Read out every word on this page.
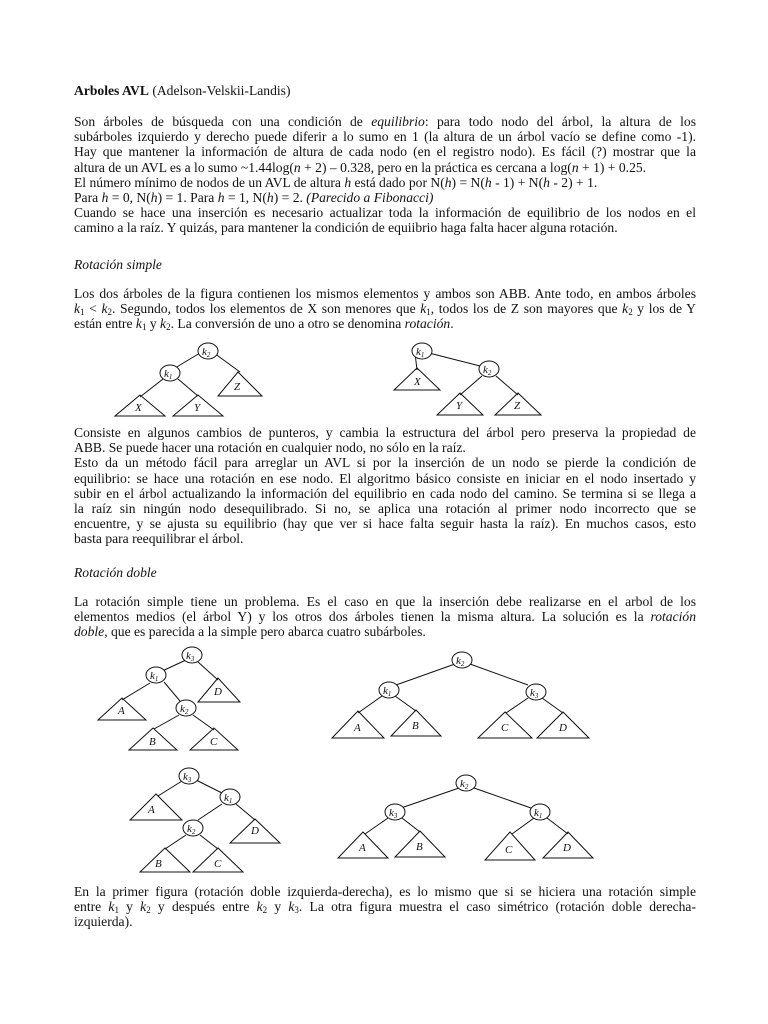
Arboles AVL (Adelson-Velskii-Landis)
Son árboles de búsqueda con una condición de equilibrio: para todo nodo del árbol, la altura de los
subárboles izquierdo y derecho puede diferir a lo sumo en 1 (la altura de un árbol vacío se define como -1).
Hay que mantener la información de altura de cada nodo (en el registro nodo). Es fácil (?) mostrar que la
altura de un AVL es a lo sumo ~1.44log(n + 2) – 0.328, pero en la práctica es cercana a log(n + 1) + 0.25.
El número mínimo de nodos de un AVL de altura h está dado por N(h) = N(h - 1) + N(h - 2) + 1.
Para h = 0, N(h) = 1. Para h = 1, N(h) = 2. (Parecido a Fibonacci)
Cuando se hace una inserción es necesario actualizar toda la información de equilibrio de los nodos en el
camino a la raíz. Y quizás, para mantener la condición de equiibrio haga falta hacer alguna rotación.
Rotación simple
Los dos árboles de la figura contienen los mismos elementos y ambos son ABB. Ante todo, en ambos árboles
$k_1 < k_2$. Segundo, todos los elementos de X son menores que $k_1$, todos los de Z son mayores que $k_2$ y los de Y
están entre $k_1$ y $k_2$. La conversión de uno a otro se denomina rotación.
k2
k1
Z
X	Y
k1
k2
X
Y	Z
Consiste en algunos cambios de punteros, y cambia la estructura del árbol pero preserva la propiedad de
ABB. Se puede hacer una rotación en cualquier nodo, no sólo en la raíz.
Esto da un método fácil para arreglar un AVL si por la inserción de un nodo se pierde la condición de
equilibrio: se hace una rotación en ese nodo. El algoritmo básico consiste en iniciar en el nodo insertado y
subir en el árbol actualizando la información del equilibrio en cada nodo del camino. Se termina si se llega a
la raíz sin ningún nodo desequilibrado. Si no, se aplica una rotación al primer nodo incorrecto que se
encuentre, y se ajusta su equilibrio (hay que ver si hace falta seguir hasta la raíz). En muchos casos, esto
basta para reequilibrar el árbol.
Rotación doble
La rotación simple tiene un problema. Es el caso en que la inserción debe realizarse en el arbol de los
elementos medios (el árbol Y) y los otros dos árboles tienen la misma altura. La solución es la rotación
doble, que es parecida a la simple pero abarca cuatro subárboles.
k3
k1
k2
A
D
B	C
k2
k1	k3
A	B	C	D
k3
k1
k2
A
D
B	C
k2
k3	k1
A	B	C	D
En la primer figura (rotación doble izquierda-derecha), es lo mismo que si se hiciera una rotación simple
entre $k_1$ y $k_2$ y después entre $k_2$ y $k_3$. La otra figura muestra el caso simétrico (rotación doble derecha-
izquierda).
